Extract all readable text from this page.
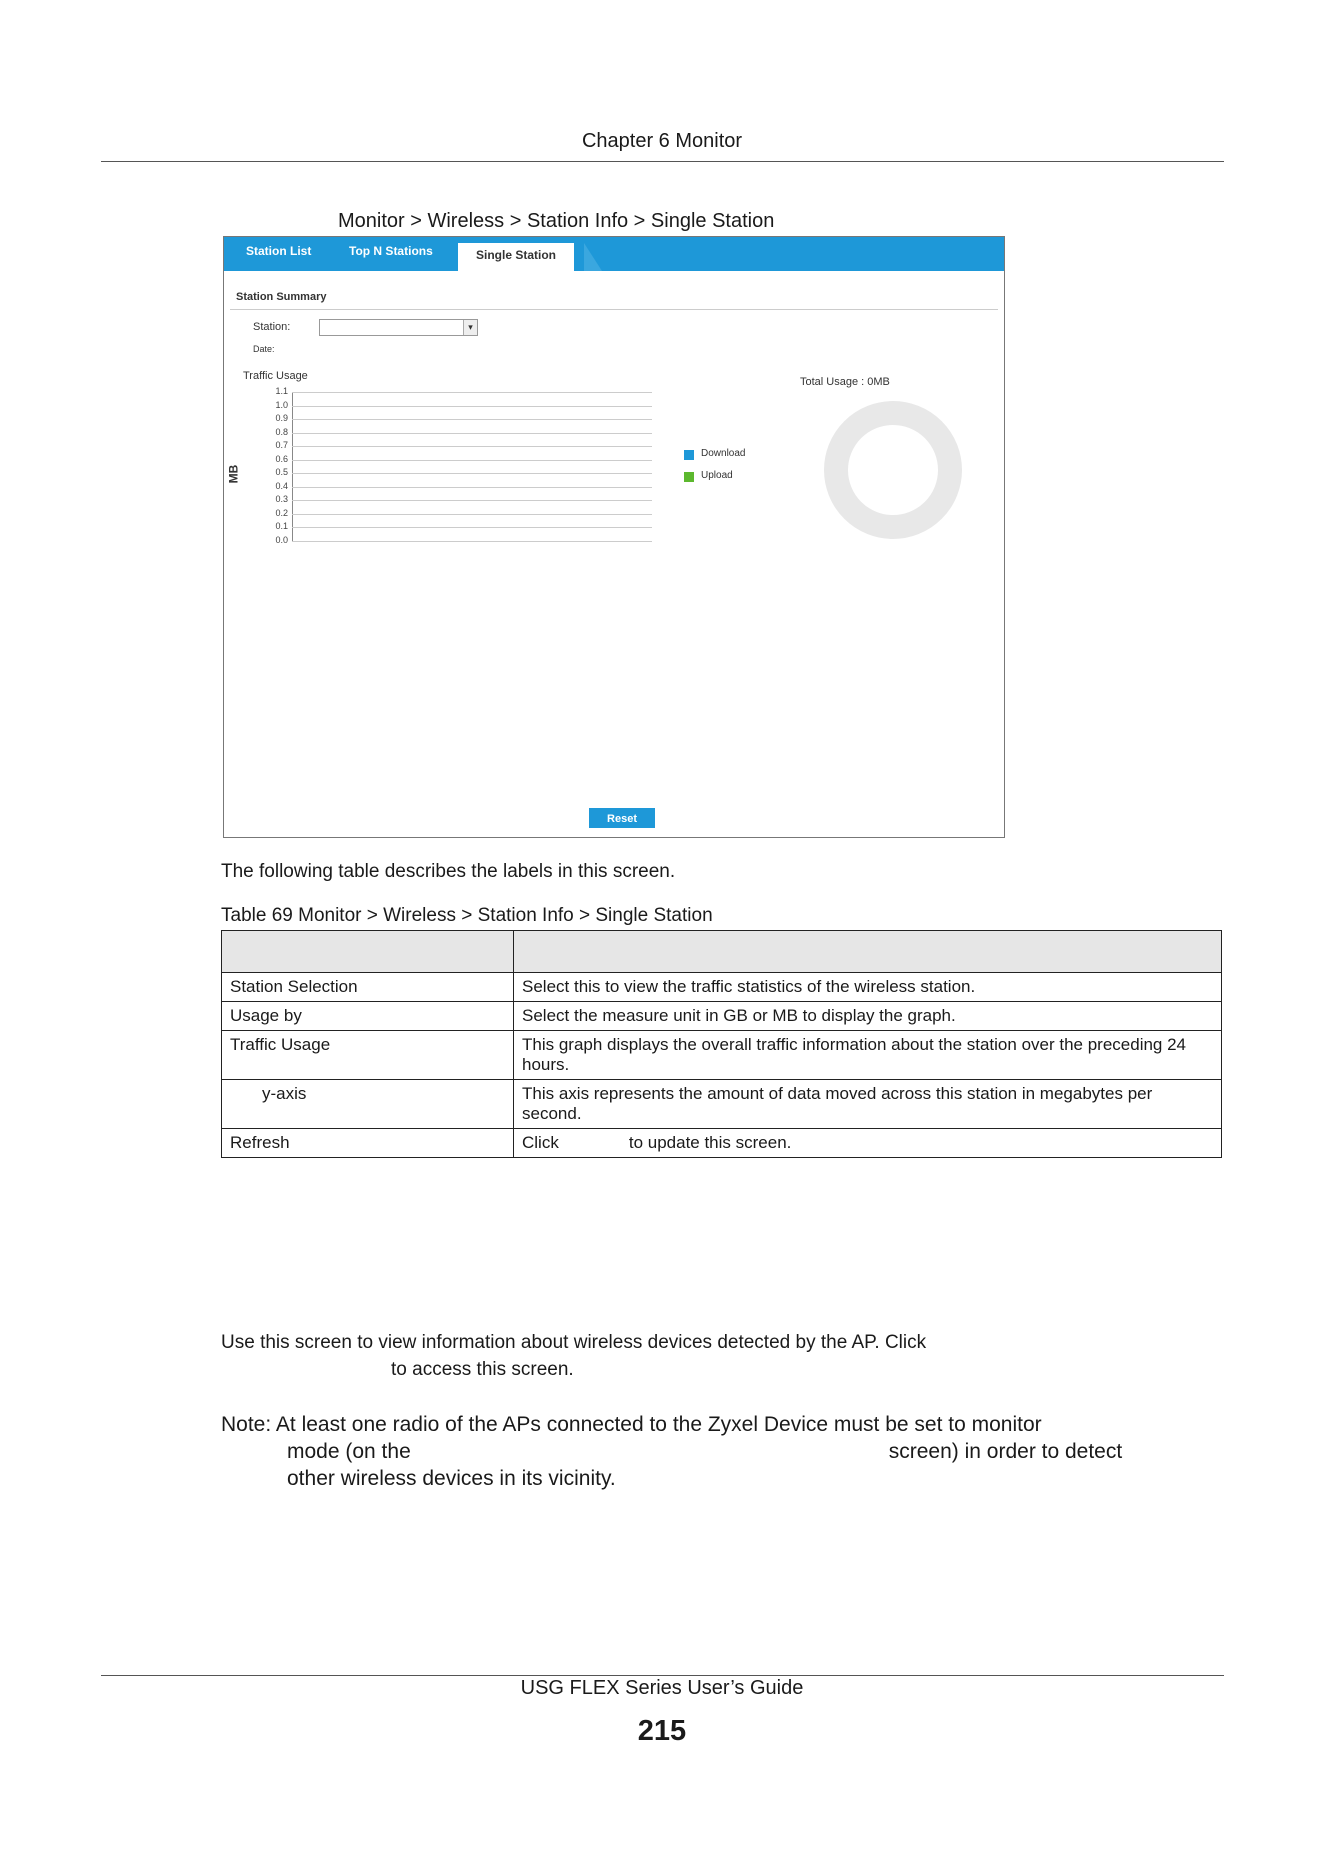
Chapter 6 Monitor
Monitor > Wireless > Station Info > Single Station
Station List	Top N Stations	Single Station
Station Summary
Station:	▾
Date:
Traffic Usage
MB
Download
Upload
Total Usage : 0MB
Reset
1.1
1.0
0.9
0.8
0.7
0.6
0.5
0.4
0.3
0.2
0.1
0.0
The following table describes the labels in this screen.
Table 69 Monitor > Wireless > Station Info > Single Station

Station Selection	Select this to view the traffic statistics of the wireless station.
Usage by	Select the measure unit in GB or MB to display the graph.
Traffic Usage	This graph displays the overall traffic information about the station over the preceding 24 hours.
y-axis	This axis represents the amount of data moved across this station in megabytes per second.
Refresh	Click to update this screen.
Use this screen to view information about wireless devices detected by the AP. Click
to access this screen.
Note: At least one radio of the APs connected to the Zyxel Device must be set to monitor
mode (on the	screen) in order to detect
other wireless devices in its vicinity.
USG FLEX Series User’s Guide
215
